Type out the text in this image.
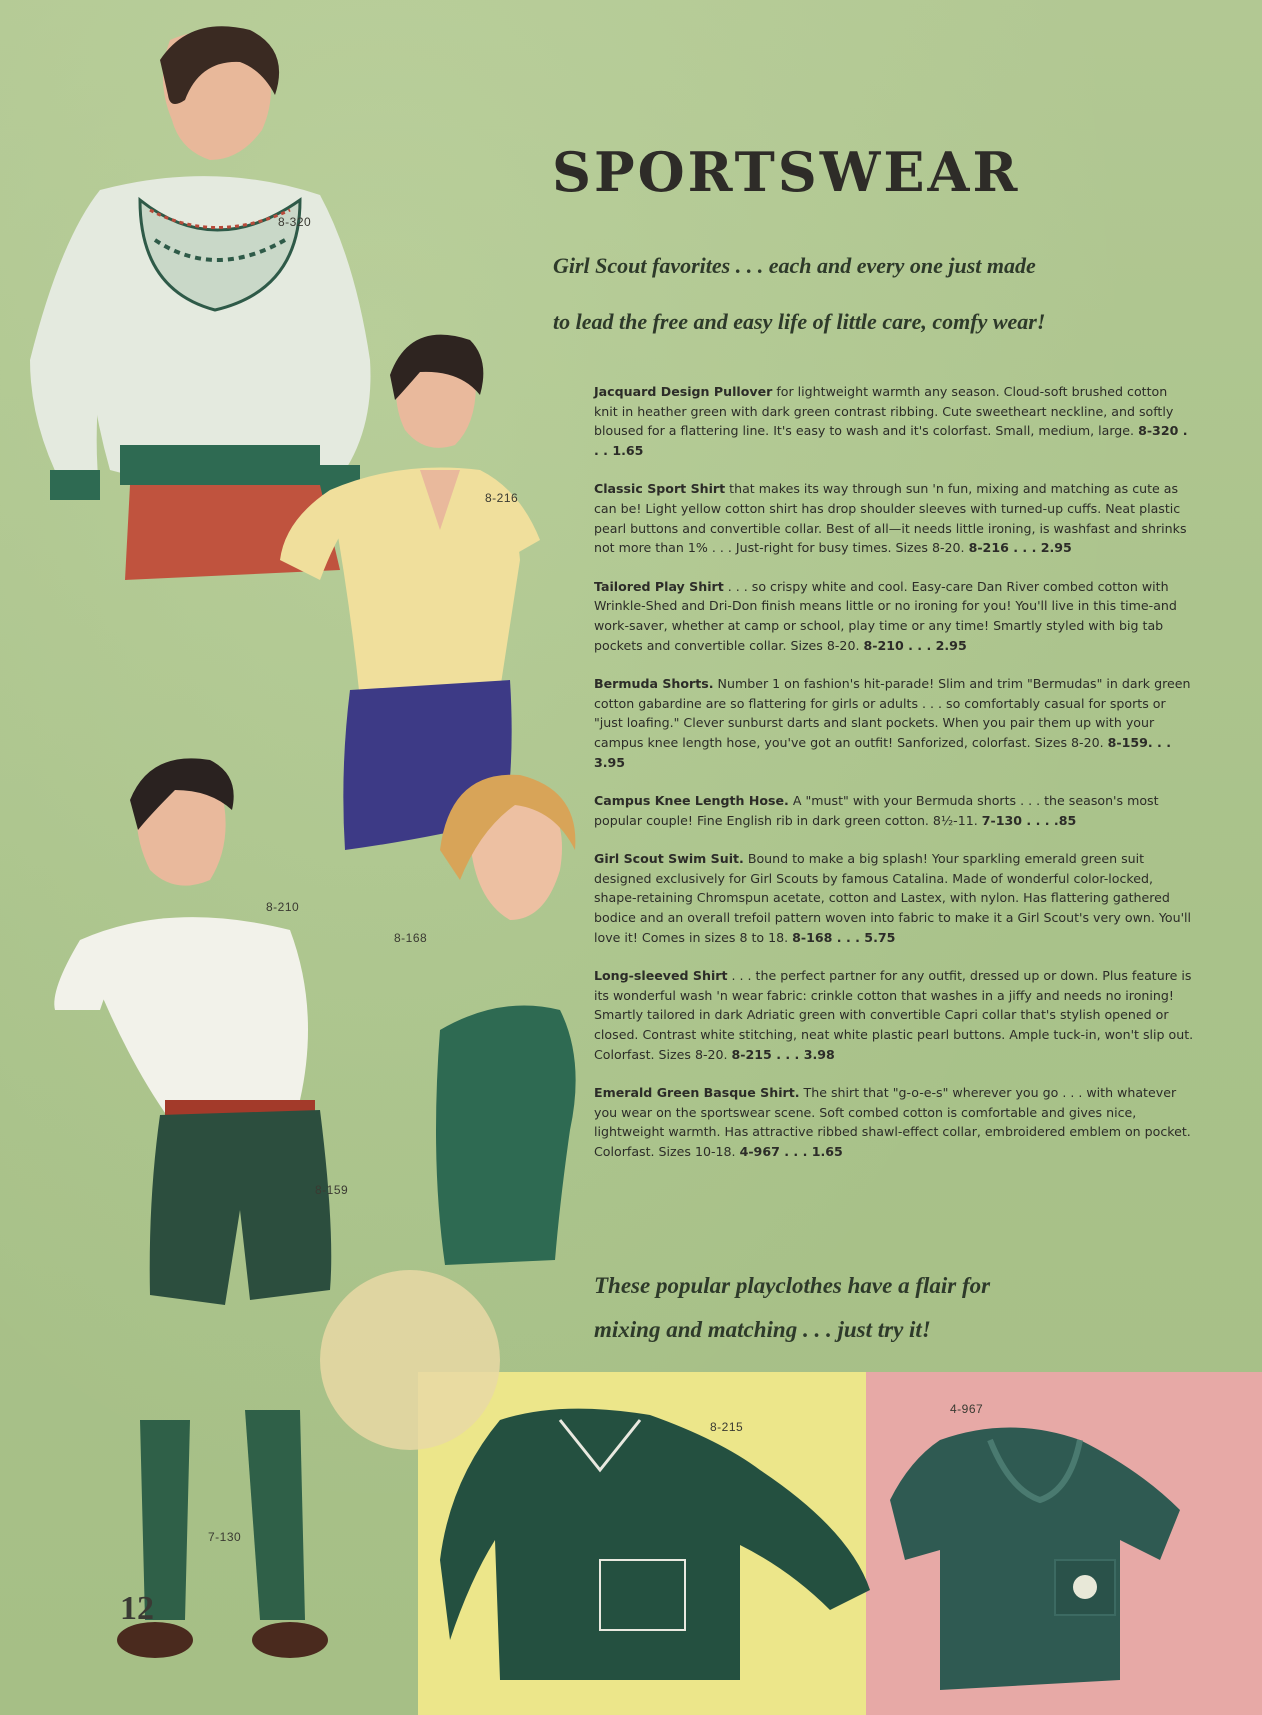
8-320
8-216
8-210
8-168
8-159
7-130
8-215
4-967
12
SPORTSWEAR

Girl Scout favorites . . . each and every one just made
to lead the free and easy life of little care, comfy wear!

Jacquard Design Pullover for lightweight warmth any season. Cloud-soft brushed cotton knit in heather green with dark green contrast ribbing. Cute sweetheart neckline, and softly bloused for a flattering line. It's easy to wash and it's colorfast. Small, medium, large. 8-320 . . . 1.65
Classic Sport Shirt that makes its way through sun 'n fun, mixing and matching as cute as can be! Light yellow cotton shirt has drop shoulder sleeves with turned-up cuffs. Neat plastic pearl buttons and convertible collar. Best of all—it needs little ironing, is washfast and shrinks not more than 1% . . . Just-right for busy times. Sizes 8-20. 8-216 . . . 2.95
Tailored Play Shirt . . . so crispy white and cool. Easy-care Dan River combed cotton with Wrinkle-Shed and Dri-Don finish means little or no ironing for you! You'll live in this time-and work-saver, whether at camp or school, play time or any time! Smartly styled with big tab pockets and convertible collar. Sizes 8-20. 8-210 . . . 2.95
Bermuda Shorts. Number 1 on fashion's hit-parade! Slim and trim "Bermudas" in dark green cotton gabardine are so flattering for girls or adults . . . so comfortably casual for sports or "just loafing." Clever sunburst darts and slant pockets. When you pair them up with your campus knee length hose, you've got an outfit! Sanforized, colorfast. Sizes 8-20. 8-159. . . 3.95
Campus Knee Length Hose. A "must" with your Bermuda shorts . . . the season's most popular couple! Fine English rib in dark green cotton. 8½-11. 7-130 . . . .85
Girl Scout Swim Suit. Bound to make a big splash! Your sparkling emerald green suit designed exclusively for Girl Scouts by famous Catalina. Made of wonderful color-locked, shape-retaining Chromspun acetate, cotton and Lastex, with nylon. Has flattering gathered bodice and an overall trefoil pattern woven into fabric to make it a Girl Scout's very own. You'll love it! Comes in sizes 8 to 18. 8-168 . . . 5.75
Long-sleeved Shirt . . . the perfect partner for any outfit, dressed up or down. Plus feature is its wonderful wash 'n wear fabric: crinkle cotton that washes in a jiffy and needs no ironing! Smartly tailored in dark Adriatic green with convertible Capri collar that's stylish opened or closed. Contrast white stitching, neat white plastic pearl buttons. Ample tuck-in, won't slip out. Colorfast. Sizes 8-20. 8-215 . . . 3.98
Emerald Green Basque Shirt. The shirt that "g-o-e-s" wherever you go . . . with whatever you wear on the sportswear scene. Soft combed cotton is comfortable and gives nice, lightweight warmth. Has attractive ribbed shawl-effect collar, embroidered emblem on pocket. Colorfast. Sizes 10-18. 4-967 . . . 1.65

These popular playclothes have a flair for
mixing and matching . . . just try it!
